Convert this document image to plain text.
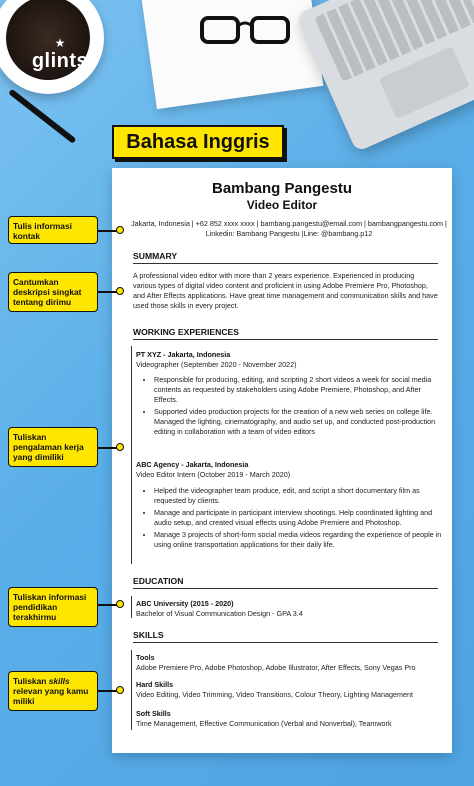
★
glints
Bahasa Inggris
Bambang Pangestu
Video Editor
Jakarta, Indonesia | +62 852 xxxx xxxx | bambang.pangestu@email.com | bambangpangestu.com |
Linkedin: Bambang Pangestu |Line: @bambang.p12
SUMMARY
A professional video editor with more than 2 years experience. Experienced in producing various types of digital video content and proficient in using Adobe Premiere Pro, Photoshop, and After Effects applications. Have great time management and communication skills and have used those skills in every project.
WORKING EXPERIENCES
PT XYZ - Jakarta, Indonesia
Videographer (September 2020 - November 2022)
• Responsible for producing, editing, and scripting 2 short videos a week for social media contents as requested by stakeholders using Adobe Premiere, Photoshop, and After Effects.
• Supported video production projects for the creation of a new web series on college life. Managed the lighting, cinematography, and audio set up, and conducted post-production editing in collaboration with a team of video editors
ABC Agency - Jakarta, Indonesia
Video Editor Intern (October 2019 - March 2020)
• Helped the videographer team produce, edit, and script a short documentary film as requested by clients.
• Manage and participate in participant interview shootings. Help coordinated lighting and audio setup, and created visual effects using Adobe Premiere and Photoshop.
• Manage 3 projects of short-form social media videos regarding the experience of people in using online transportation applications for their daily life.
EDUCATION
ABC University (2015 - 2020)
Bachelor of Visual Communication Design - GPA 3.4
SKILLS
Tools
Adobe Premiere Pro, Adobe Photoshop, Adobe Illustrator, After Effects, Sony Vegas Pro
Hard Skills
Video Editing, Video Trimming, Video Transitions, Colour Theory, Lighting Management
Soft Skills
Time Management, Effective Communication (Verbal and Nonverbal), Teamwork
Tulis informasi kontak
Cantumkan deskripsi singkat tentang dirimu
Tuliskan pengalaman kerja yang dimiliki
Tuliskan informasi pendidikan terakhirmu
Tuliskan skills relevan yang kamu miliki
